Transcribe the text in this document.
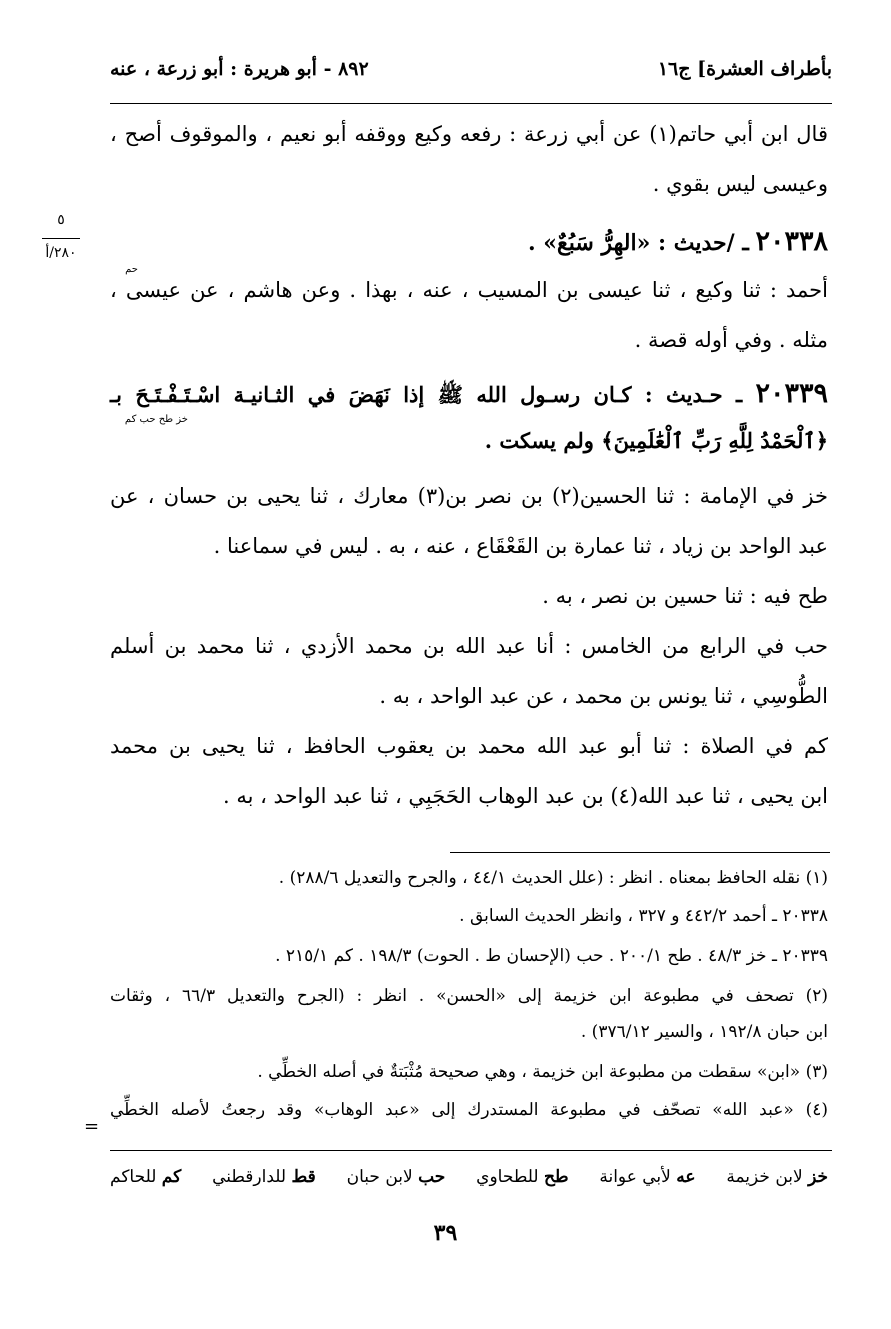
بأطراف العشرة] ج١٦
٨٩٢ - أبو هريرة : أبو زرعة ، عنه
٥
٢٨٠/أ
قال ابن أبي حاتم(١) عن أبي زرعة : رفعه وكيع ووقفه أبو نعيم ، والموقوف أصح ،
وعيسى ليس بقوي .
٢٠٣٣٨ ـ /حديث : «الهِرُّ سَبُعٌ» .
حم
أحمد : ثنا وكيع ، ثنا عيسى بن المسيب ، عنه ، بهذا . وعن هاشم ، عن عيسى ،
مثله . وفي أوله قصة .
٢٠٣٣٩ ـ حـديث : كـان رسـول الله ﷺ إذا نَهَضَ في الثـانيـة اسْـتَـفْـتَـحَ بـ
خز طح حب كم
﴿ٱلْحَمْدُ لِلَّهِ رَبِّ ٱلْعَٰلَمِينَ﴾ ولم يسكت .
خز في الإمامة : ثنا الحسين(٢) بن نصر بن(٣) معارك ، ثنا يحيى بن حسان ، عن
عبد الواحد بن زياد ، ثنا عمارة بن القَعْقَاع ، عنه ، به . ليس في سماعنا .
طح فيه : ثنا حسين بن نصر ، به .
حب في الرابع من الخامس : أنا عبد الله بن محمد الأزدي ، ثنا محمد بن أسلم
الطُّوسِي ، ثنا يونس بن محمد ، عن عبد الواحد ، به .
كم في الصلاة : ثنا أبو عبد الله محمد بن يعقوب الحافظ ، ثنا يحيى بن محمد
ابن يحيى ، ثنا عبد الله(٤) بن عبد الوهاب الحَجَبِي ، ثنا عبد الواحد ، به .
(١) نقله الحافظ بمعناه . انظر : (علل الحديث ٤٤/١ ، والجرح والتعديل ٢٨٨/٦) .
٢٠٣٣٨ ـ أحمد ٤٤٢/٢ و ٣٢٧ ، وانظر الحديث السابق .
٢٠٣٣٩ ـ خز ٤٨/٣ . طح ٢٠٠/١ . حب (الإحسان ط . الحوت) ١٩٨/٣ . كم ٢١٥/١ .
(٢) تصحف في مطبوعة ابن خزيمة إلى «الحسن» . انظر : (الجرح والتعديل ٦٦/٣ ، وثقات
ابن حبان ١٩٢/٨ ، والسير ٣٧٦/١٢) .
(٣) «ابن» سقطت من مطبوعة ابن خزيمة ، وهي صحيحة مُثْبَتةٌ في أصله الخطِّي .
(٤) «عبد الله» تصحّف في مطبوعة المستدرك إلى «عبد الوهاب» وقد رجعتُ لأصله الخطِّي
=
خز لابن خزيمة
عه لأبي عوانة
طح للطحاوي
حب لابن حبان
قط للدارقطني
كم للحاكم
٣٩
